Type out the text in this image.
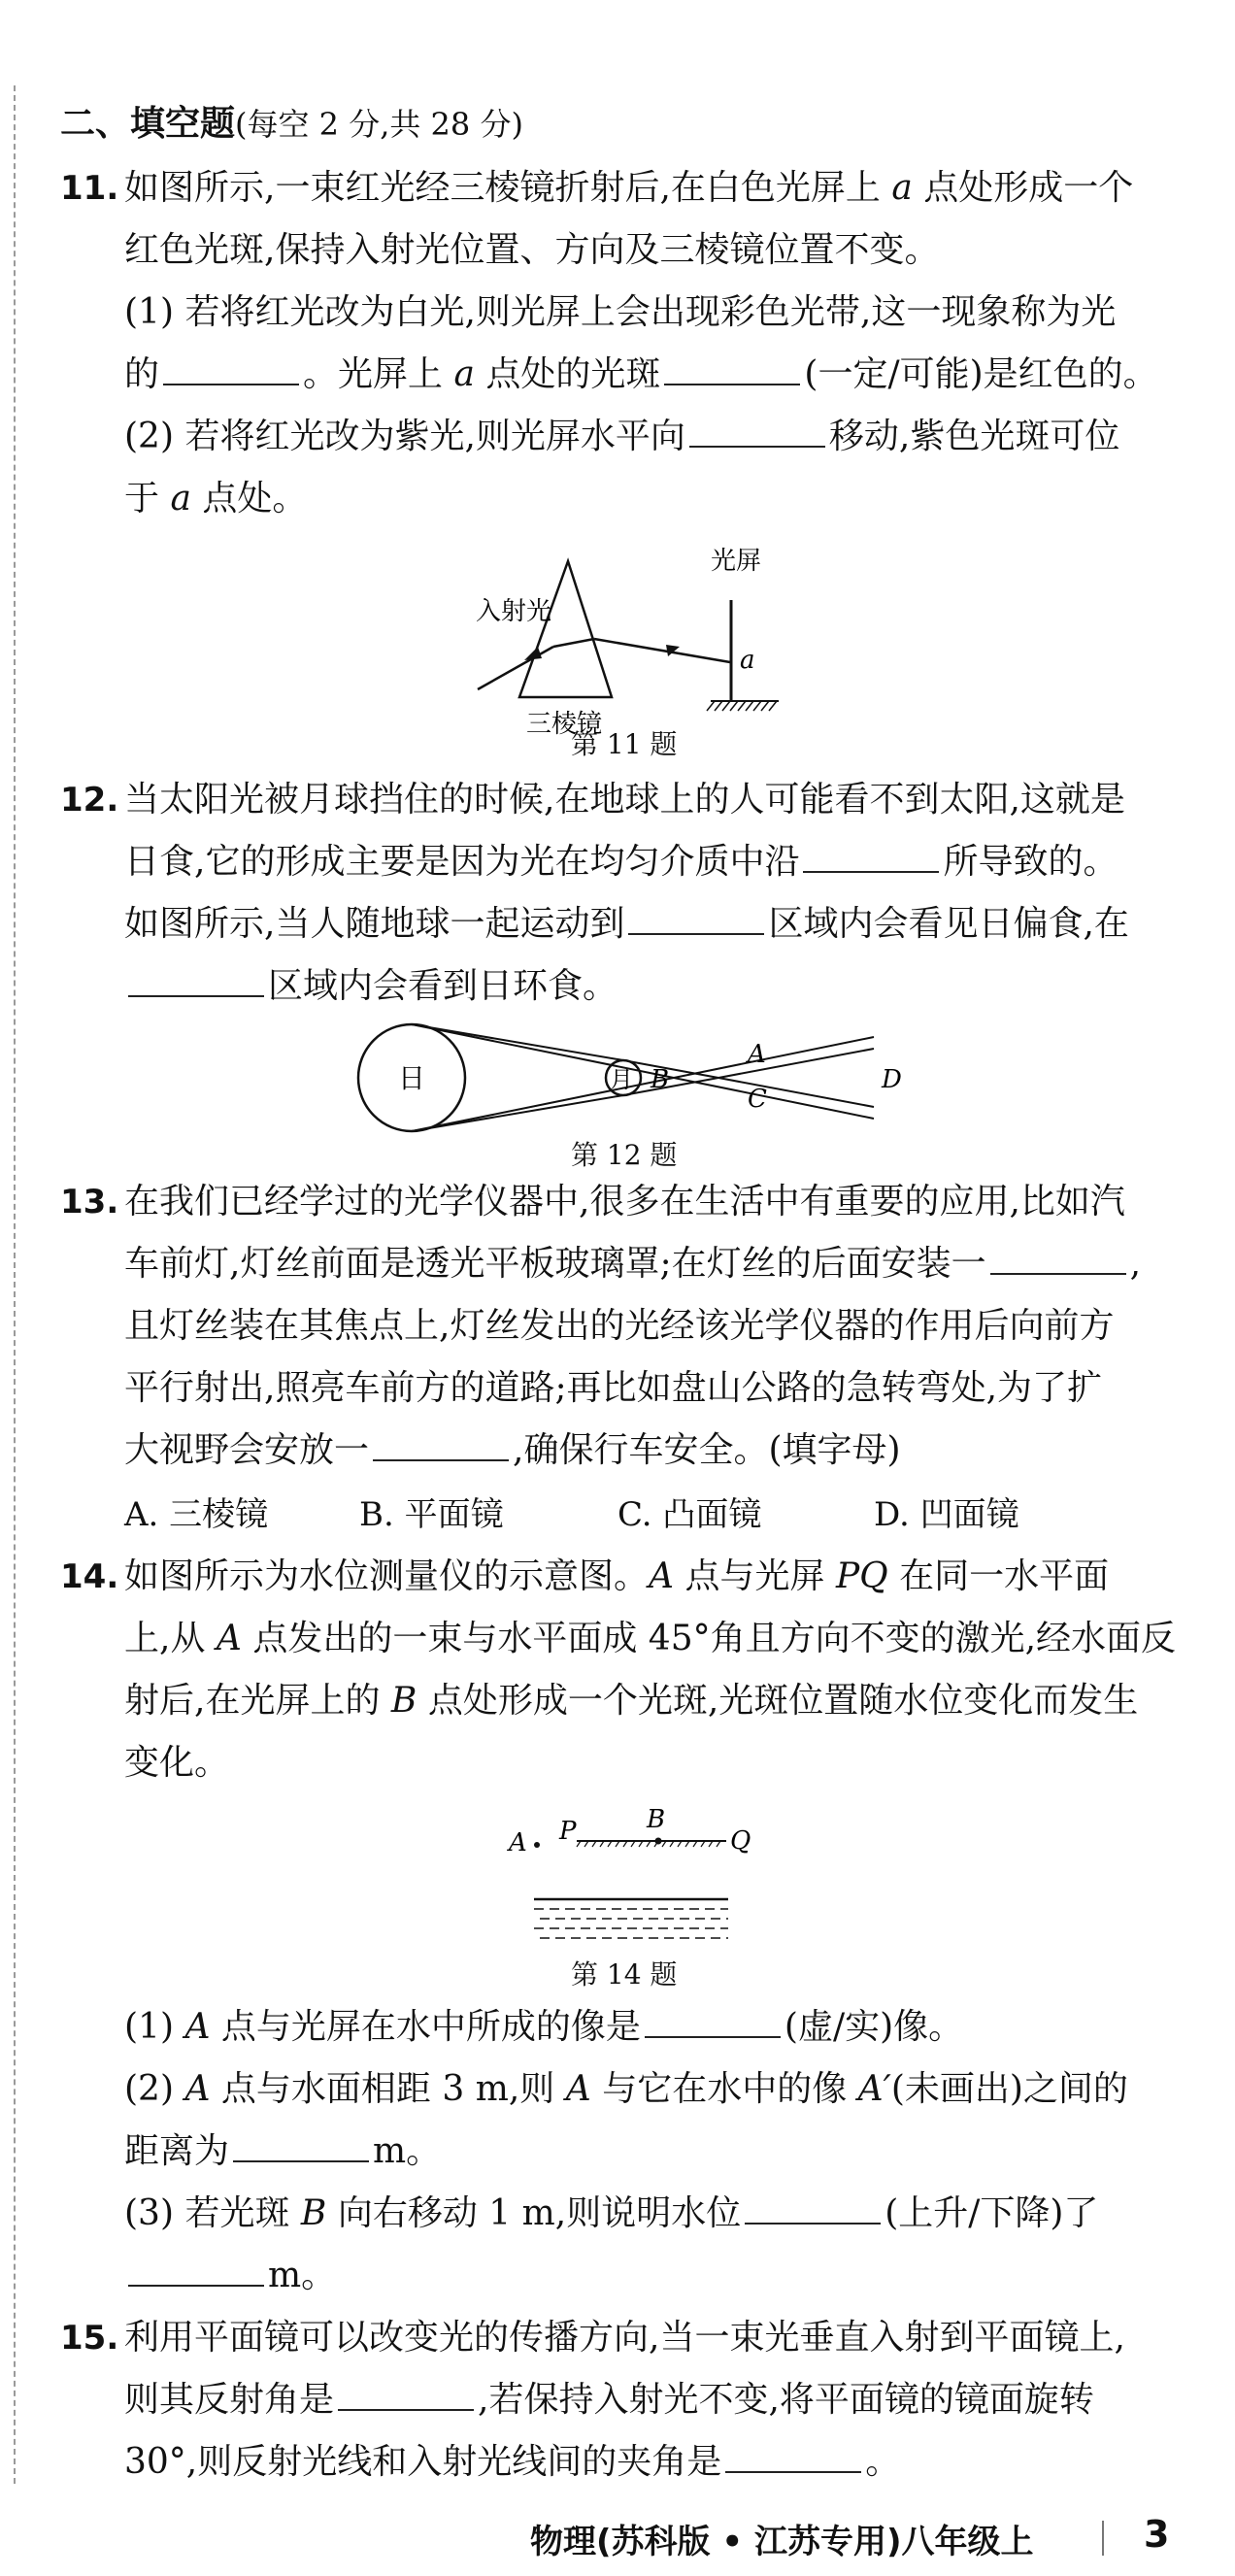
二、填空题(每空 2 分,共 28 分)
11. 如图所示,一束红光经三棱镜折射后,在白色光屏上 a 点处形成一个
红色光斑,保持入射光位置、方向及三棱镜位置不变。
(1) 若将红光改为白光,则光屏上会出现彩色光带,这一现象称为光
的	。光屏上 a 点处的光斑	(一定/可能)是红色的。
(2) 若将红光改为紫光,则光屏水平向	移动,紫色光斑可位
于 a 点处。
入射光
光屏
a
三棱镜
第 11 题
12. 当太阳光被月球挡住的时候,在地球上的人可能看不到太阳,这就是
日食,它的形成主要是因为光在均匀介质中沿	所导致的。
如图所示,当人随地球一起运动到	区域内会看见日偏食,在
区域内会看到日环食。
日	月 B
A
C
D
第 12 题
13. 在我们已经学过的光学仪器中,很多在生活中有重要的应用,比如汽
车前灯,灯丝前面是透光平板玻璃罩;在灯丝的后面安装一	,
且灯丝装在其焦点上,灯丝发出的光经该光学仪器的作用后向前方
平行射出,照亮车前方的道路;再比如盘山公路的急转弯处,为了扩
大视野会安放一	,确保行车安全。(填字母)
A. 三棱镜	B. 平面镜	C. 凸面镜	D. 凹面镜
14. 如图所示为水位测量仪的示意图。A 点与光屏 PQ 在同一水平面
上,从 A 点发出的一束与水平面成 45°角且方向不变的激光,经水面反
射后,在光屏上的 B 点处形成一个光斑,光斑位置随水位变化而发生
变化。
A P	B
Q
第 14 题
(1) A 点与光屏在水中所成的像是	(虚/实)像。
(2) A 点与水面相距 3 m,则 A 与它在水中的像 A′(未画出)之间的
距离为	m。
(3) 若光斑 B 向右移动 1 m,则说明水位	(上升/下降)了
m。
15. 利用平面镜可以改变光的传播方向,当一束光垂直入射到平面镜上,
则其反射角是	,若保持入射光不变,将平面镜的镜面旋转
30°,则反射光线和入射光线间的夹角是	。
物理(苏科版 • 江苏专用)八年级上	3
